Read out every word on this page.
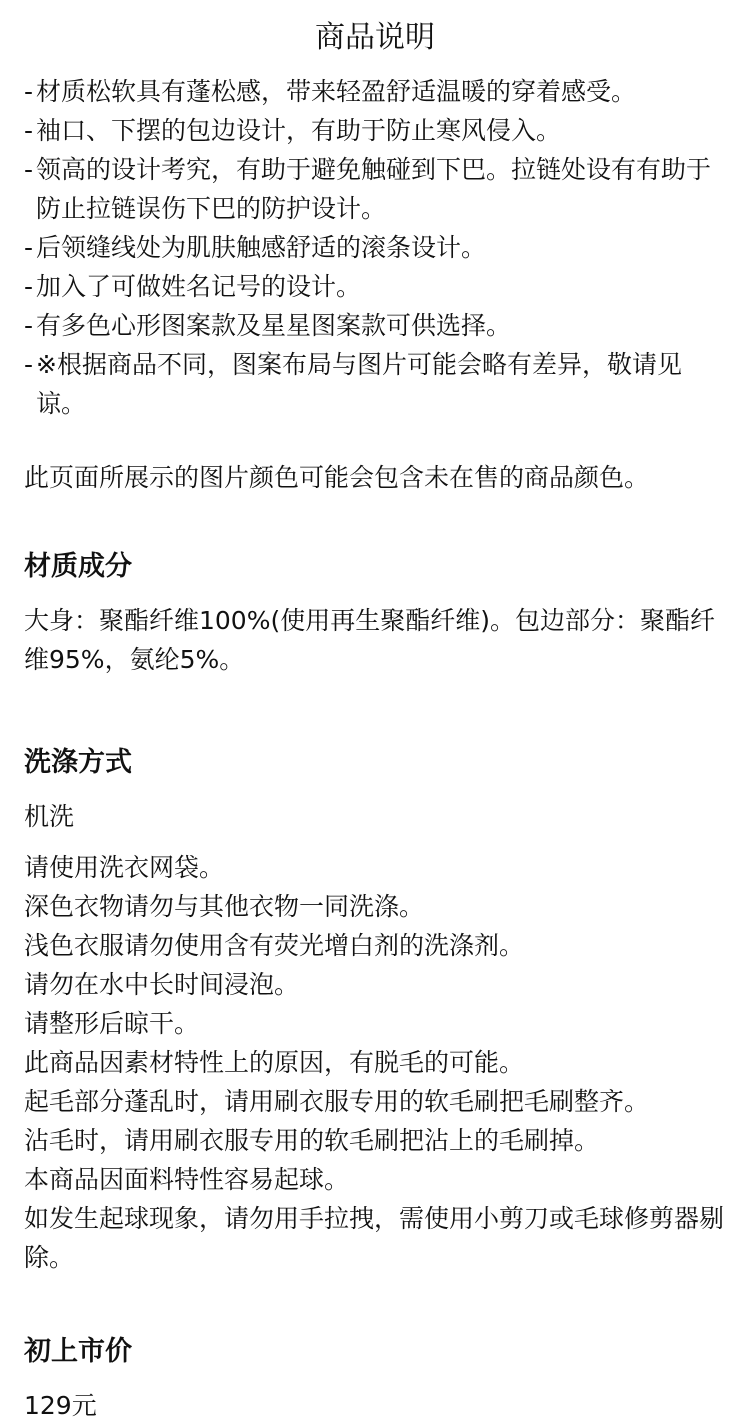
商品说明
- 材质松软具有蓬松感，带来轻盈舒适温暖的穿着感受。
- 袖口、下摆的包边设计，有助于防止寒风侵入。
- 领高的设计考究，有助于避免触碰到下巴。拉链处设有有助于防止拉链误伤下巴的防护设计。
- 后领缝线处为肌肤触感舒适的滚条设计。
- 加入了可做姓名记号的设计。
- 有多色心形图案款及星星图案款可供选择。
- ※根据商品不同，图案布局与图片可能会略有差异，敬请见谅。

此页面所展示的图片颜色可能会包含未在售的商品颜色。

材质成分

大身：聚酯纤维100%(使用再生聚酯纤维)。包边部分：聚酯纤维95%，氨纶5%。

洗涤方式

机洗

请使用洗衣网袋。
深色衣物请勿与其他衣物一同洗涤。
浅色衣服请勿使用含有荧光增白剂的洗涤剂。
请勿在水中长时间浸泡。
请整形后晾干。
此商品因素材特性上的原因，有脱毛的可能。
起毛部分蓬乱时，请用刷衣服专用的软毛刷把毛刷整齐。
沾毛时，请用刷衣服专用的软毛刷把沾上的毛刷掉。
本商品因面料特性容易起球。
如发生起球现象，请勿用手拉拽，需使用小剪刀或毛球修剪器剔除。
初上市价

129元
